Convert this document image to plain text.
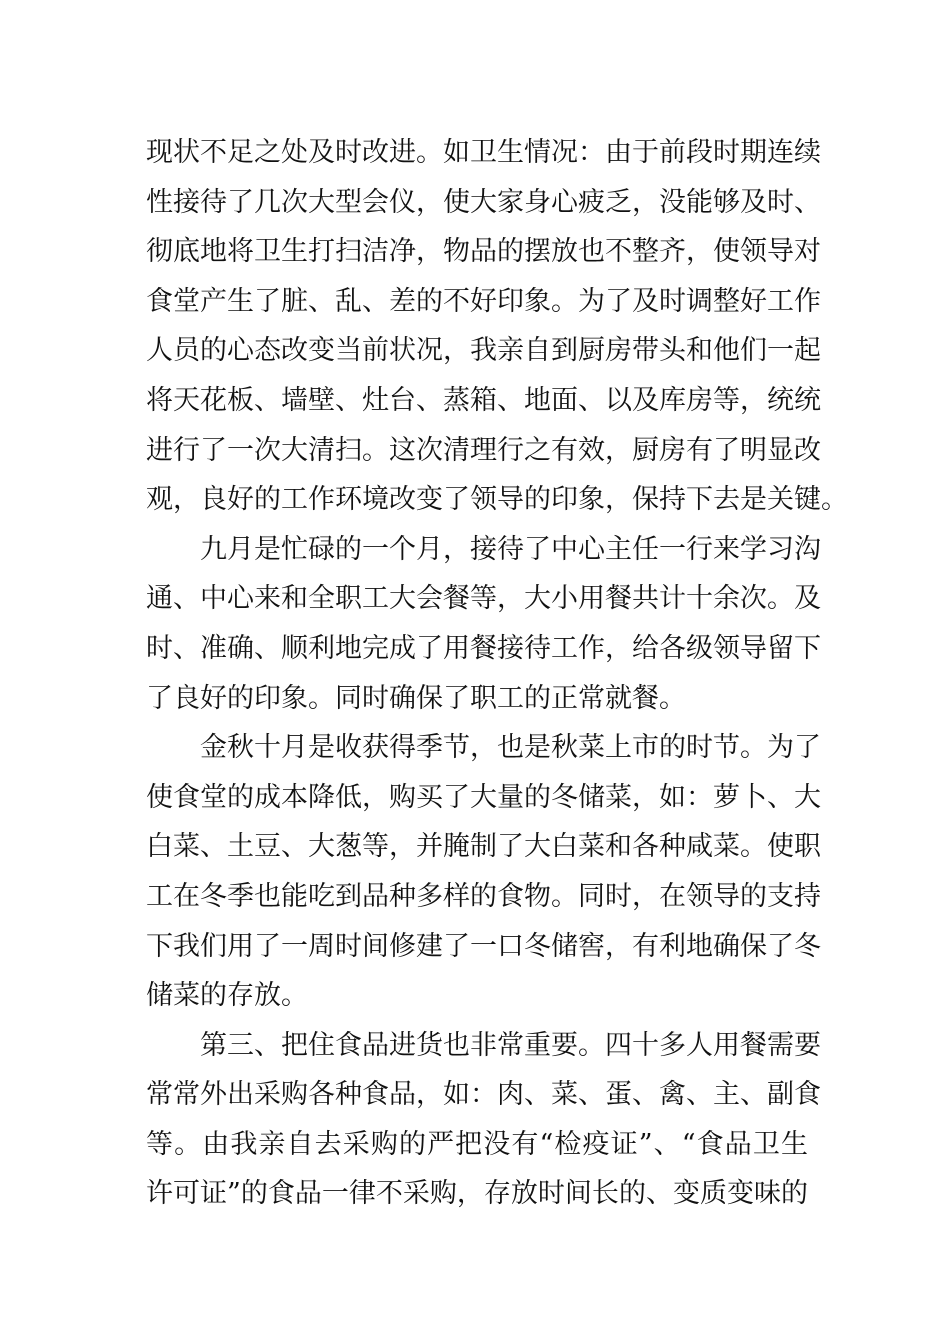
现状不足之处及时改进。如卫生情况：由于前段时期连续
性接待了几次大型会仪，使大家身心疲乏，没能够及时、
彻底地将卫生打扫洁净，物品的摆放也不整齐，使领导对
食堂产生了脏、乱、差的不好印象。为了及时调整好工作
人员的心态改变当前状况，我亲自到厨房带头和他们一起
将天花板、墙壁、灶台、蒸箱、地面、以及库房等，统统
进行了一次大清扫。这次清理行之有效，厨房有了明显改
观，良好的工作环境改变了领导的印象，保持下去是关键。
九月是忙碌的一个月，接待了中心主任一行来学习沟
通、中心来和全职工大会餐等，大小用餐共计十余次。及
时、准确、顺利地完成了用餐接待工作，给各级领导留下
了良好的印象。同时确保了职工的正常就餐。
金秋十月是收获得季节，也是秋菜上市的时节。为了
使食堂的成本降低，购买了大量的冬储菜，如：萝卜、大
白菜、土豆、大葱等，并腌制了大白菜和各种咸菜。使职
工在冬季也能吃到品种多样的食物。同时，在领导的支持
下我们用了一周时间修建了一口冬储窖，有利地确保了冬
储菜的存放。
第三、把住食品进货也非常重要。四十多人用餐需要
常常外出采购各种食品，如：肉、菜、蛋、禽、主、副食
等。由我亲自去采购的严把没有“检疫证”、“食品卫生
许可证”的食品一律不采购，存放时间长的、变质变味的
